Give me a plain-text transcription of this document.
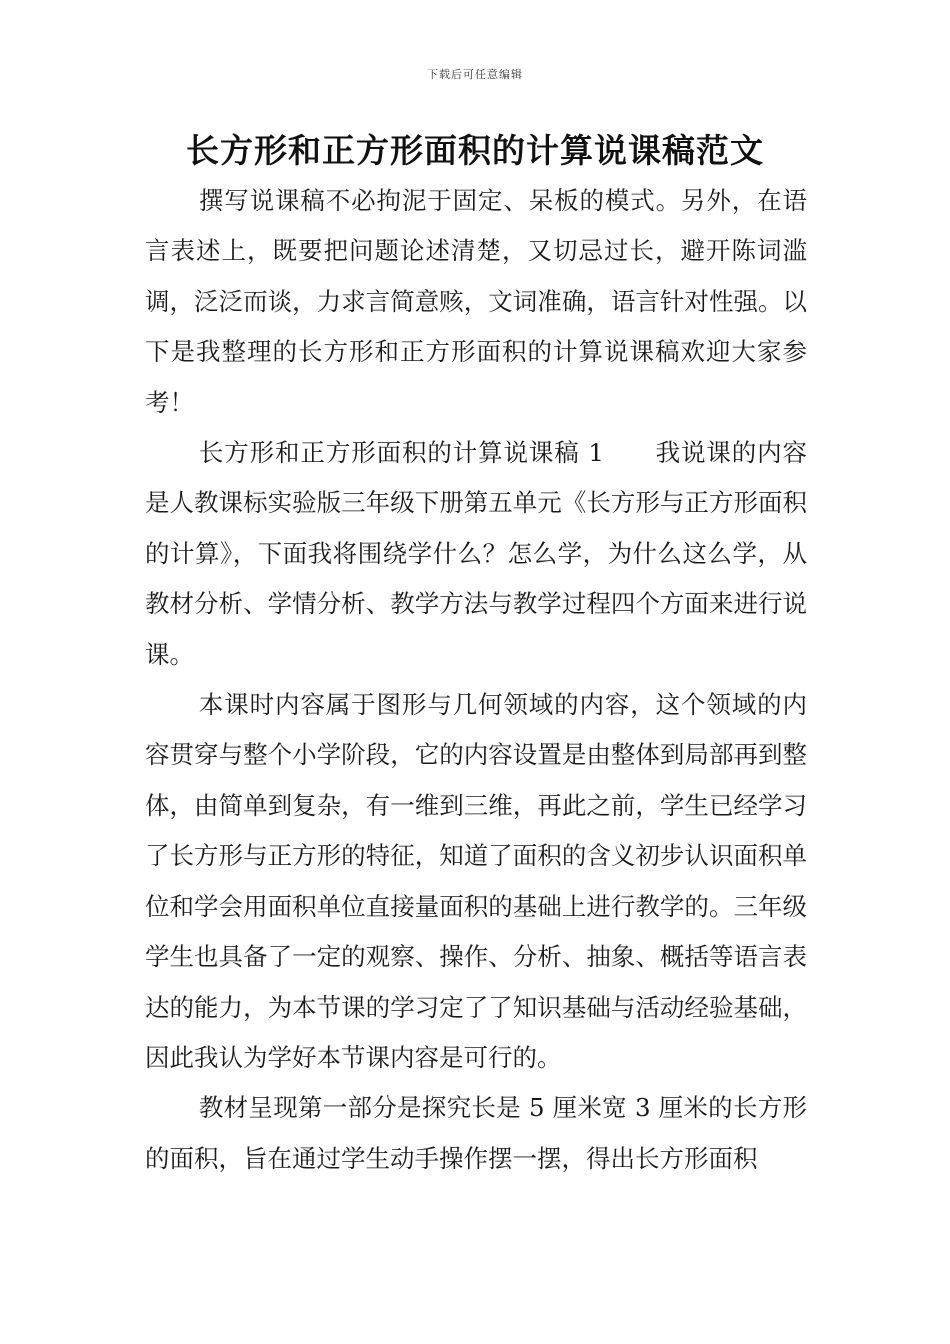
下载后可任意编辑
长方形和正方形面积的计算说课稿范文

撰写说课稿不必拘泥于固定、呆板的模式。另外，在语言表述上，既要把问题论述清楚，又切忌过长，避开陈词滥调，泛泛而谈，力求言简意赅，文词准确，语言针对性强。以下是我整理的长方形和正方形面积的计算说课稿欢迎大家参考！

长方形和正方形面积的计算说课稿 1　　我说课的内容是人教课标实验版三年级下册第五单元《长方形与正方形面积的计算》，下面我将围绕学什么？怎么学，为什么这么学，从教材分析、学情分析、教学方法与教学过程四个方面来进行说课。

本课时内容属于图形与几何领域的内容，这个领域的内容贯穿与整个小学阶段，它的内容设置是由整体到局部再到整体，由简单到复杂，有一维到三维，再此之前，学生已经学习了长方形与正方形的特征，知道了面积的含义初步认识面积单位和学会用面积单位直接量面积的基础上进行教学的。三年级学生也具备了一定的观察、操作、分析、抽象、概括等语言表达的能力，为本节课的学习定了了知识基础与活动经验基础，因此我认为学好本节课内容是可行的。

教材呈现第一部分是探究长是 5 厘米宽 3 厘米的长方形的面积，旨在通过学生动手操作摆一摆，得出长方形面积
